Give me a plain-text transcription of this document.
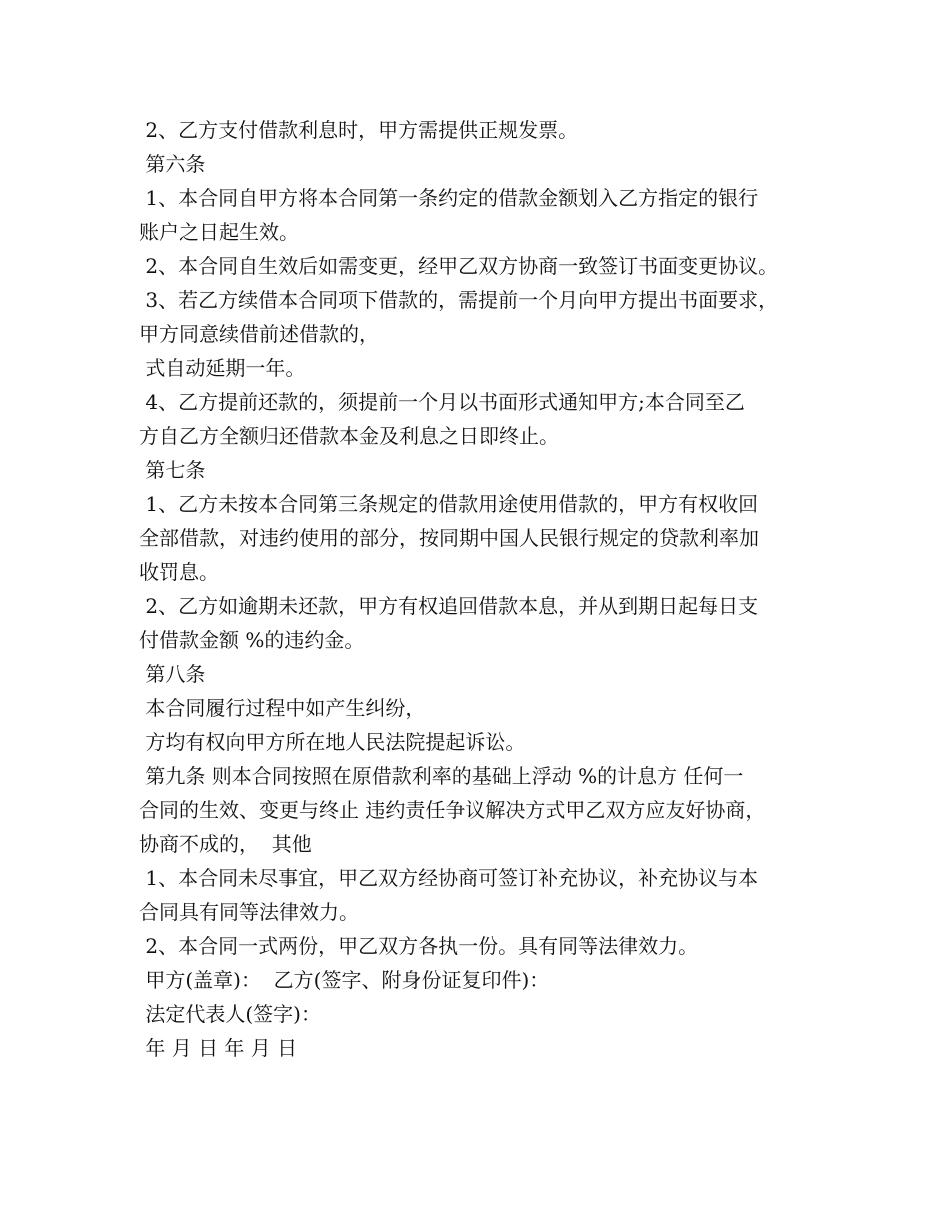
2、乙方支付借款利息时，甲方需提供正规发票。
第六条
1、本合同自甲方将本合同第一条约定的借款金额划入乙方指定的银行
账户之日起生效。
2、本合同自生效后如需变更，经甲乙双方协商一致签订书面变更协议。
3、若乙方续借本合同项下借款的，需提前一个月向甲方提出书面要求，
甲方同意续借前述借款的，
式自动延期一年。
4、乙方提前还款的，须提前一个月以书面形式通知甲方;本合同至乙
方自乙方全额归还借款本金及利息之日即终止。
第七条
1、乙方未按本合同第三条规定的借款用途使用借款的，甲方有权收回
全部借款，对违约使用的部分，按同期中国人民银行规定的贷款利率加
收罚息。
2、乙方如逾期未还款，甲方有权追回借款本息，并从到期日起每日支
付借款金额 %的违约金。
第八条
本合同履行过程中如产生纠纷，
方均有权向甲方所在地人民法院提起诉讼。
第九条 则本合同按照在原借款利率的基础上浮动 %的计息方 任何一
合同的生效、变更与终止 违约责任争议解决方式甲乙双方应友好协商，
协商不成的，  其他
1、本合同未尽事宜，甲乙双方经协商可签订补充协议，补充协议与本
合同具有同等法律效力。
2、本合同一式两份，甲乙双方各执一份。具有同等法律效力。
甲方(盖章)：  乙方(签字、附身份证复印件)：
法定代表人(签字)：
年 月 日 年 月 日
